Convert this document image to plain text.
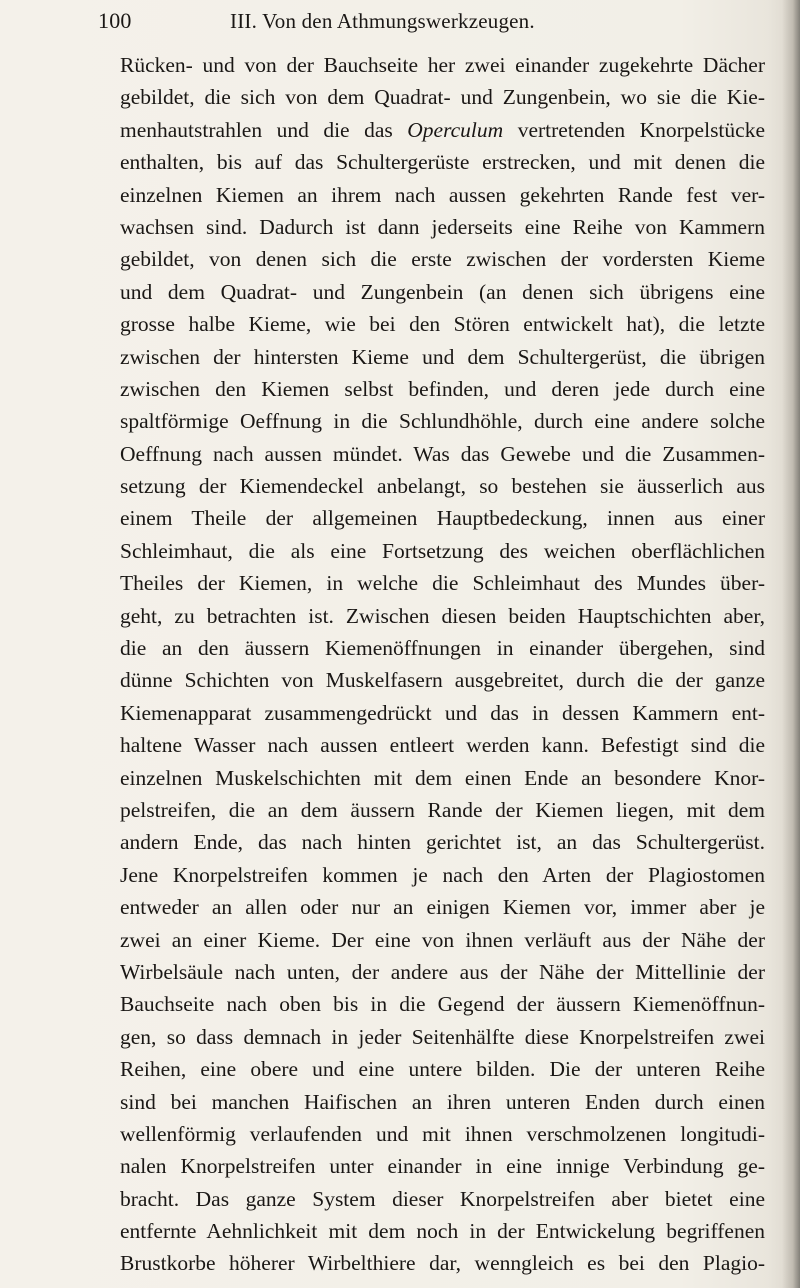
100	III. Von den Athmungswerkzeugen.
Rücken- und von der Bauchseite her zwei einander zugekehrte Dächer
gebildet, die sich von dem Quadrat- und Zungenbein, wo sie die Kie-
menhautstrahlen und die das Operculum vertretenden Knorpelstücke
enthalten, bis auf das Schultergerüste erstrecken, und mit denen die
einzelnen Kiemen an ihrem nach aussen gekehrten Rande fest ver-
wachsen sind. Dadurch ist dann jederseits eine Reihe von Kammern
gebildet, von denen sich die erste zwischen der vordersten Kieme
und dem Quadrat- und Zungenbein (an denen sich übrigens eine
grosse halbe Kieme, wie bei den Stören entwickelt hat), die letzte
zwischen der hintersten Kieme und dem Schultergerüst, die übrigen
zwischen den Kiemen selbst befinden, und deren jede durch eine
spaltförmige Oeffnung in die Schlundhöhle, durch eine andere solche
Oeffnung nach aussen mündet. Was das Gewebe und die Zusammen-
setzung der Kiemendeckel anbelangt, so bestehen sie äusserlich aus
einem Theile der allgemeinen Hauptbedeckung, innen aus einer
Schleimhaut, die als eine Fortsetzung des weichen oberflächlichen
Theiles der Kiemen, in welche die Schleimhaut des Mundes über-
geht, zu betrachten ist. Zwischen diesen beiden Hauptschichten aber,
die an den äussern Kiemenöffnungen in einander übergehen, sind
dünne Schichten von Muskelfasern ausgebreitet, durch die der ganze
Kiemenapparat zusammengedrückt und das in dessen Kammern ent-
haltene Wasser nach aussen entleert werden kann. Befestigt sind die
einzelnen Muskelschichten mit dem einen Ende an besondere Knor-
pelstreifen, die an dem äussern Rande der Kiemen liegen, mit dem
andern Ende, das nach hinten gerichtet ist, an das Schultergerüst.
Jene Knorpelstreifen kommen je nach den Arten der Plagiostomen
entweder an allen oder nur an einigen Kiemen vor, immer aber je
zwei an einer Kieme. Der eine von ihnen verläuft aus der Nähe der
Wirbelsäule nach unten, der andere aus der Nähe der Mittellinie der
Bauchseite nach oben bis in die Gegend der äussern Kiemenöffnun-
gen, so dass demnach in jeder Seitenhälfte diese Knorpelstreifen zwei
Reihen, eine obere und eine untere bilden. Die der unteren Reihe
sind bei manchen Haifischen an ihren unteren Enden durch einen
wellenförmig verlaufenden und mit ihnen verschmolzenen longitudi-
nalen Knorpelstreifen unter einander in eine innige Verbindung ge-
bracht. Das ganze System dieser Knorpelstreifen aber bietet eine
entfernte Aehnlichkeit mit dem noch in der Entwickelung begriffenen
Brustkorbe höherer Wirbelthiere dar, wenngleich es bei den Plagio-
